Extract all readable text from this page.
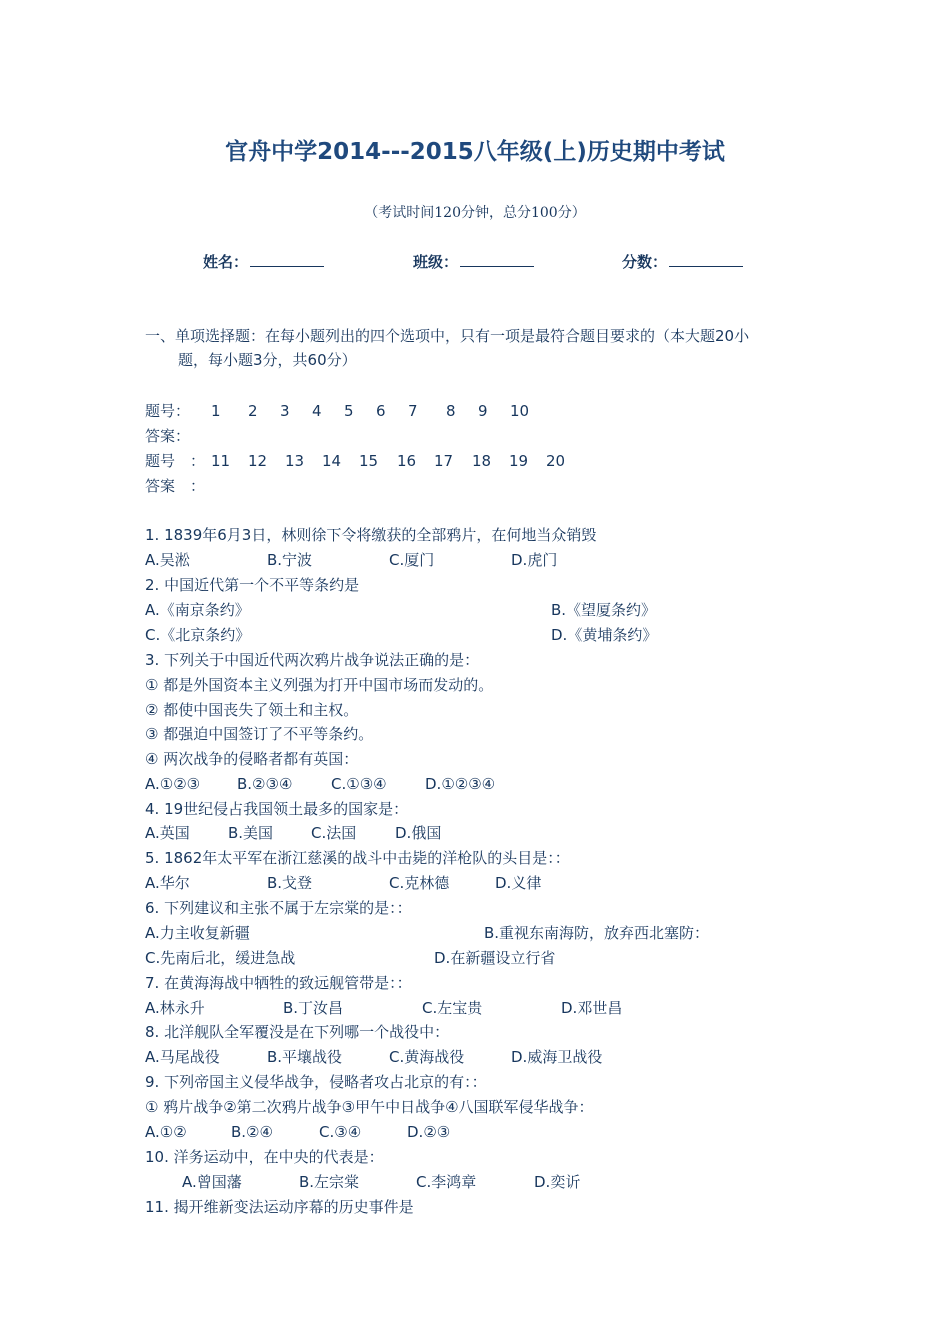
官舟中学2014---2015八年级(上)历史期中考试
（考试时间120分钟，总分100分）
姓名：	班级：	分数：
一、单项选择题：在每小题列出的四个选项中，只有一项是最符合题目要求的（本大题20小
题，每小题3分，共60分）
题号： 1 2 3 4 5 6 7 8 9 10
答案：
题号　： 11 12 13 14 15 16 17 18 19 20
答案　：
1. 1839年6月3日，林则徐下令将缴获的全部鸦片，在何地当众销毁
A.吴淞	B.宁波	C.厦门	D.虎门
2. 中国近代第一个不平等条约是
A.《南京条约》	B.《望厦条约》
C.《北京条约》	D.《黄埔条约》
3. 下列关于中国近代两次鸦片战争说法正确的是：
① 都是外国资本主义列强为打开中国市场而发动的。
② 都使中国丧失了领土和主权。
③ 都强迫中国签订了不平等条约。
④ 两次战争的侵略者都有英国：
A.①②③ B.②③④	C.①③④	D.①②③④
4. 19世纪侵占我国领土最多的国家是：
A.英国	B.美国	C.法国	D.俄国
5. 1862年太平军在浙江慈溪的战斗中击毙的洋枪队的头目是：：
A.华尔	B.戈登	C.克林德	D.义律
6. 下列建议和主张不属于左宗棠的是：：
A.力主收复新疆	B.重视东南海防，放弃西北塞防：
C.先南后北，缓进急战	D.在新疆设立行省
7. 在黄海海战中牺牲的致远舰管带是：：
A.林永升	B.丁汝昌	C.左宝贵	D.邓世昌
8. 北洋舰队全军覆没是在下列哪一个战役中：
A.马尾战役	B.平壤战役	C.黄海战役	D.威海卫战役
9. 下列帝国主义侵华战争，侵略者攻占北京的有：：
① 鸦片战争②第二次鸦片战争③甲午中日战争④八国联军侵华战争：
A.①②	B.②④	C.③④	D.②③
10. 洋务运动中，在中央的代表是：
A.曾国藩	B.左宗棠	C.李鸿章	D.奕䜣
11. 揭开维新变法运动序幕的历史事件是
